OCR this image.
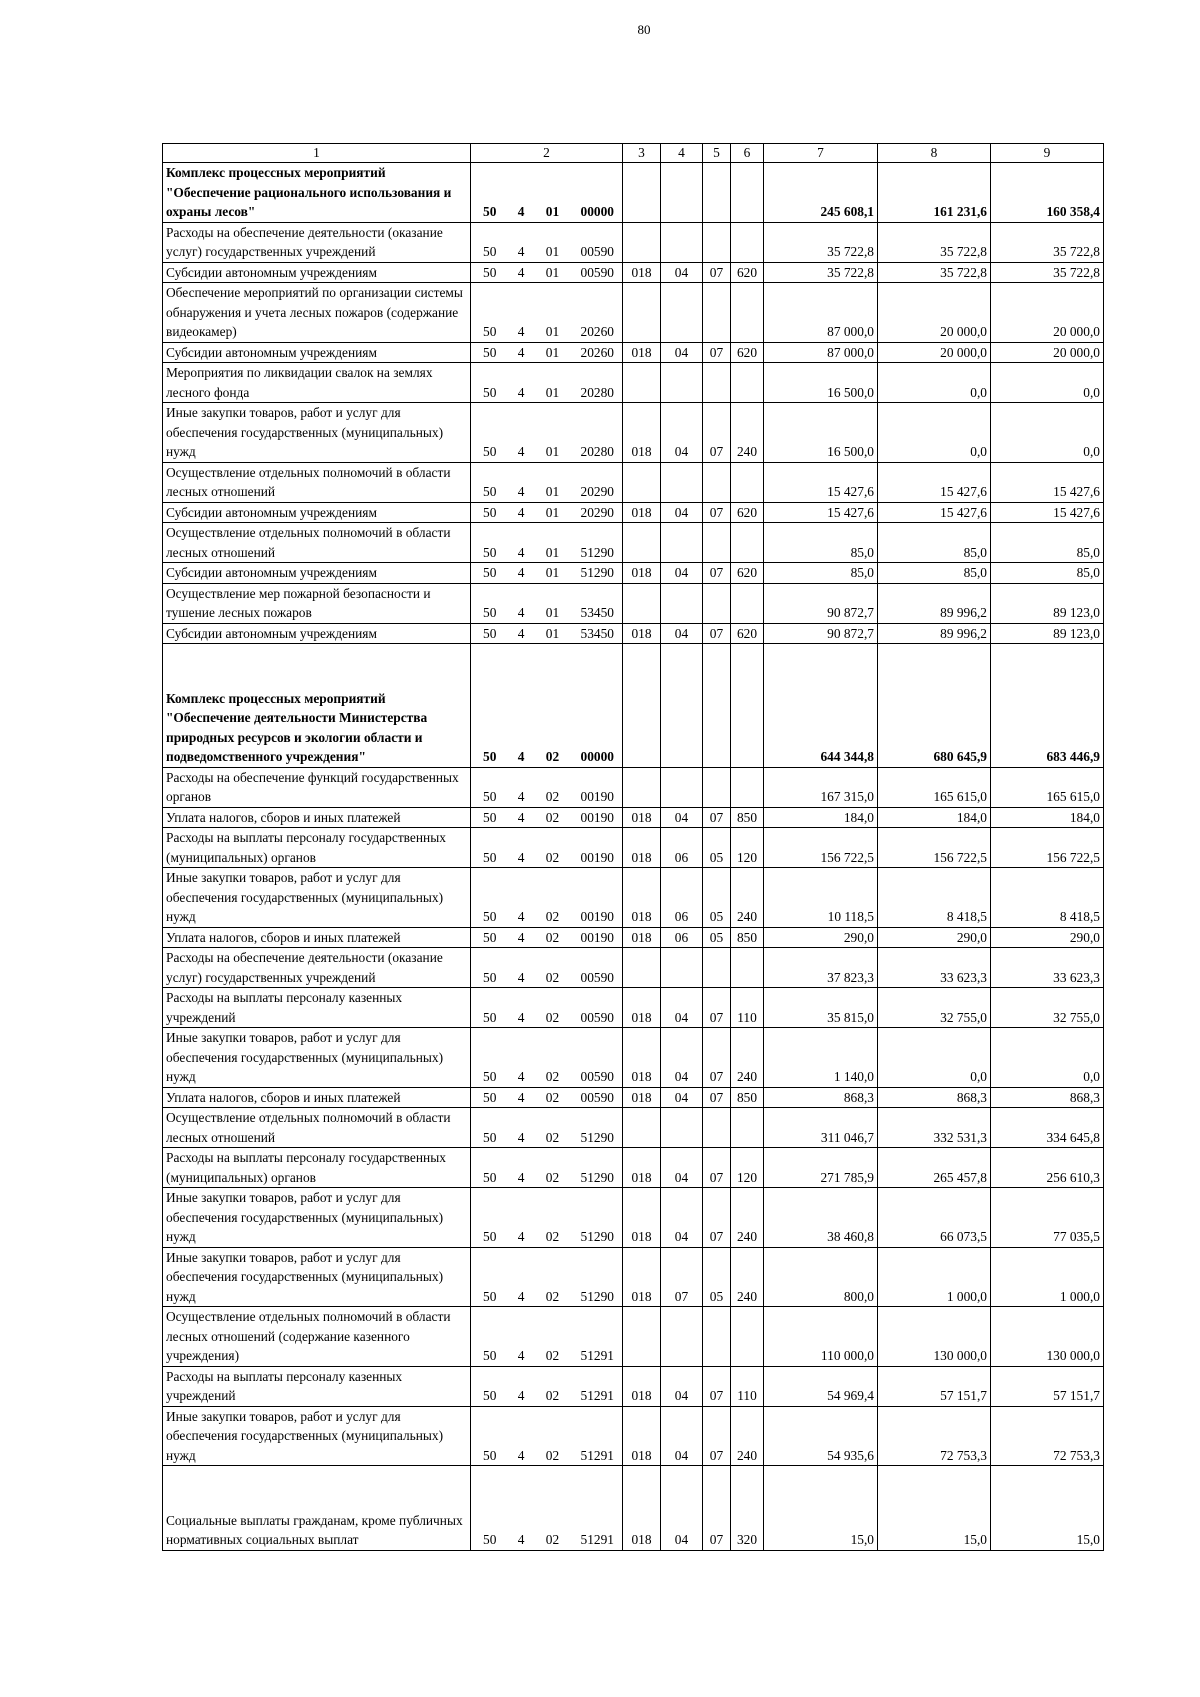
80
1	2	3	4	5	6	7	8	9
Комплекс процессных мероприятий "Обеспечение рационального использования и охраны лесов"	50 4 01 00000					245 608,1	161 231,6	160 358,4
Расходы на обеспечение деятельности (оказание услуг) государственных учреждений	50 4 01 00590					35 722,8	35 722,8	35 722,8
Субсидии автономным учреждениям	50 4 01 00590	018	04	07	620	35 722,8	35 722,8	35 722,8
Обеспечение мероприятий по организации системы обнаружения и учета лесных пожаров (содержание видеокамер)	50 4 01 20260					87 000,0	20 000,0	20 000,0
Субсидии автономным учреждениям	50 4 01 20260	018	04	07	620	87 000,0	20 000,0	20 000,0
Мероприятия по ликвидации свалок на землях лесного фонда	50 4 01 20280					16 500,0	0,0	0,0
Иные закупки товаров, работ и услуг для обеспечения государственных (муниципальных) нужд	50 4 01 20280	018	04	07	240	16 500,0	0,0	0,0
Осуществление отдельных полномочий в области лесных отношений	50 4 01 20290					15 427,6	15 427,6	15 427,6
Субсидии автономным учреждениям	50 4 01 20290	018	04	07	620	15 427,6	15 427,6	15 427,6
Осуществление отдельных полномочий в области лесных отношений	50 4 01 51290					85,0	85,0	85,0
Субсидии автономным учреждениям	50 4 01 51290	018	04	07	620	85,0	85,0	85,0
Осуществление мер пожарной безопасности и тушение лесных пожаров	50 4 01 53450					90 872,7	89 996,2	89 123,0
Субсидии автономным учреждениям	50 4 01 53450	018	04	07	620	90 872,7	89 996,2	89 123,0

Комплекс процессных мероприятий "Обеспечение деятельности Министерства природных ресурсов и экологии области и подведомственного учреждения"	50 4 02 00000					644 344,8	680 645,9	683 446,9
Расходы на обеспечение функций государственных органов	50 4 02 00190					167 315,0	165 615,0	165 615,0
Уплата налогов, сборов и иных платежей	50 4 02 00190	018	04	07	850	184,0	184,0	184,0
Расходы на выплаты персоналу государственных (муниципальных) органов	50 4 02 00190	018	06	05	120	156 722,5	156 722,5	156 722,5
Иные закупки товаров, работ и услуг для обеспечения государственных (муниципальных) нужд	50 4 02 00190	018	06	05	240	10 118,5	8 418,5	8 418,5
Уплата налогов, сборов и иных платежей	50 4 02 00190	018	06	05	850	290,0	290,0	290,0
Расходы на обеспечение деятельности (оказание услуг) государственных учреждений	50 4 02 00590					37 823,3	33 623,3	33 623,3
Расходы на выплаты персоналу казенных учреждений	50 4 02 00590	018	04	07	110	35 815,0	32 755,0	32 755,0
Иные закупки товаров, работ и услуг для обеспечения государственных (муниципальных) нужд	50 4 02 00590	018	04	07	240	1 140,0	0,0	0,0
Уплата налогов, сборов и иных платежей	50 4 02 00590	018	04	07	850	868,3	868,3	868,3
Осуществление отдельных полномочий в области лесных отношений	50 4 02 51290					311 046,7	332 531,3	334 645,8
Расходы на выплаты персоналу государственных (муниципальных) органов	50 4 02 51290	018	04	07	120	271 785,9	265 457,8	256 610,3
Иные закупки товаров, работ и услуг для обеспечения государственных (муниципальных) нужд	50 4 02 51290	018	04	07	240	38 460,8	66 073,5	77 035,5
Иные закупки товаров, работ и услуг для обеспечения государственных (муниципальных) нужд	50 4 02 51290	018	07	05	240	800,0	1 000,0	1 000,0
Осуществление отдельных полномочий в области лесных отношений (содержание казенного учреждения)	50 4 02 51291					110 000,0	130 000,0	130 000,0
Расходы на выплаты персоналу казенных учреждений	50 4 02 51291	018	04	07	110	54 969,4	57 151,7	57 151,7
Иные закупки товаров, работ и услуг для обеспечения государственных (муниципальных) нужд	50 4 02 51291	018	04	07	240	54 935,6	72 753,3	72 753,3

Социальные выплаты гражданам, кроме публичных нормативных социальных выплат	50 4 02 51291	018	04	07	320	15,0	15,0	15,0
